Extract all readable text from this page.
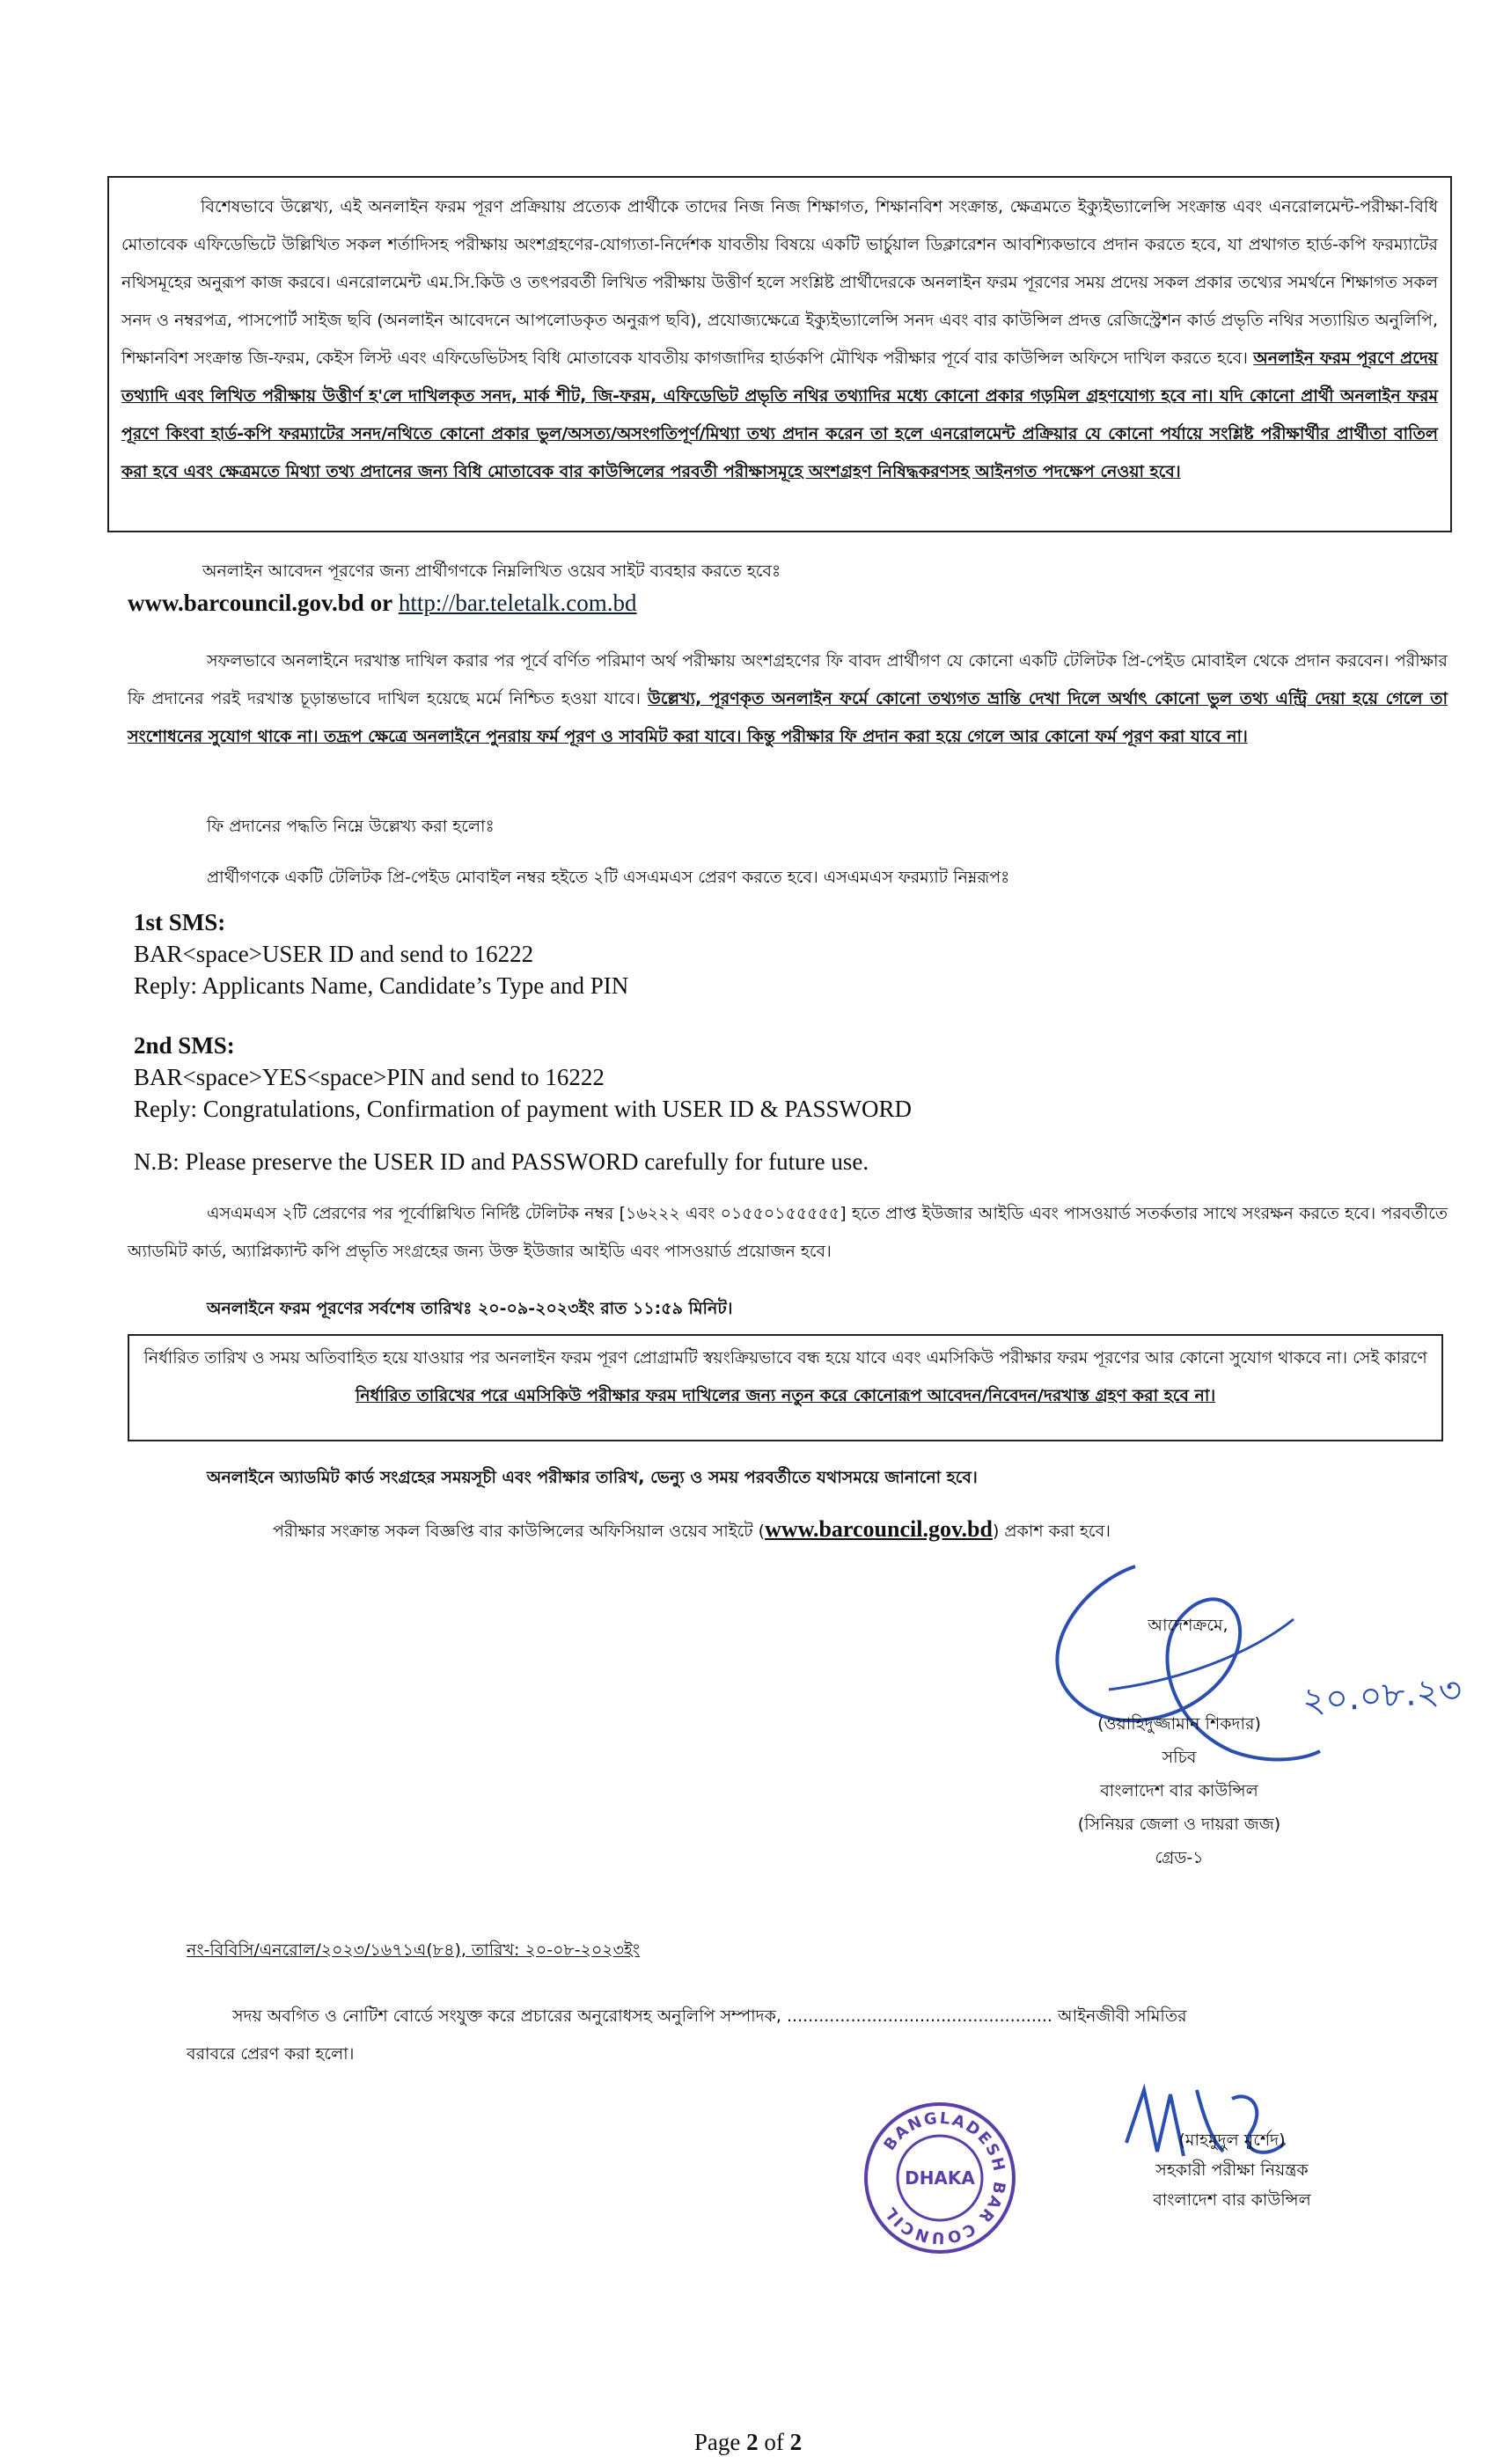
বিশেষভাবে উল্লেখ্য, এই অনলাইন ফরম পূরণ প্রক্রিয়ায় প্রত্যেক প্রার্থীকে তাদের নিজ নিজ শিক্ষাগত, শিক্ষানবিশ সংক্রান্ত, ক্ষেত্রমতে ইক্যুইভ্যালেন্সি সংক্রান্ত এবং এনরোলমেন্ট-পরীক্ষা-বিধি মোতাবেক এফিডেভিটে উল্লিখিত সকল শর্তাদিসহ পরীক্ষায় অংশগ্রহণের-যোগ্যতা-নির্দেশক যাবতীয় বিষয়ে একটি ভার্চুয়াল ডিক্লারেশন আবশ্যিকভাবে প্রদান করতে হবে, যা প্রথাগত হার্ড-কপি ফরম্যাটের নথিসমূহের অনুরূপ কাজ করবে। এনরোলমেন্ট এম.সি.কিউ ও তৎপরবর্তী লিখিত পরীক্ষায় উত্তীর্ণ হলে সংশ্লিষ্ট প্রার্থীদেরকে অনলাইন ফরম পূরণের সময় প্রদেয় সকল প্রকার তথ্যের সমর্থনে শিক্ষাগত সকল সনদ ও নম্বরপত্র, পাসপোর্ট সাইজ ছবি (অনলাইন আবেদনে আপলোডকৃত অনুরূপ ছবি), প্রযোজ্যক্ষেত্রে ইক্যুইভ্যালেন্সি সনদ এবং বার কাউন্সিল প্রদত্ত রেজিস্ট্রেশন কার্ড প্রভৃতি নথির সত্যায়িত অনুলিপি, শিক্ষানবিশ সংক্রান্ত জি-ফরম, কেইস লিস্ট এবং এফিডেভিটসহ বিধি মোতাবেক যাবতীয় কাগজাদির হার্ডকপি মৌখিক পরীক্ষার পূর্বে বার কাউন্সিল অফিসে দাখিল করতে হবে। অনলাইন ফরম পূরণে প্রদেয় তথ্যাদি এবং লিখিত পরীক্ষায় উত্তীর্ণ হ'লে দাখিলকৃত সনদ, মার্ক শীট, জি-ফরম, এফিডেভিট প্রভৃতি নথির তথ্যাদির মধ্যে কোনো প্রকার গড়মিল গ্রহণযোগ্য হবে না। যদি কোনো প্রার্থী অনলাইন ফরম পূরণে কিংবা হার্ড-কপি ফরম্যাটের সনদ/নথিতে কোনো প্রকার ভুল/অসত্য/অসংগতিপূর্ণ/মিথ্যা তথ্য প্রদান করেন তা হলে এনরোলমেন্ট প্রক্রিয়ার যে কোনো পর্যায়ে সংশ্লিষ্ট পরীক্ষার্থীর প্রার্থীতা বাতিল করা হবে এবং ক্ষেত্রমতে মিথ্যা তথ্য প্রদানের জন্য বিধি মোতাবেক বার কাউন্সিলের পরবর্তী পরীক্ষাসমূহে অংশগ্রহণ নিষিদ্ধকরণসহ আইনগত পদক্ষেপ নেওয়া হবে।

অনলাইন আবেদন পূরণের জন্য প্রার্থীগণকে নিম্নলিখিত ওয়েব সাইট ব্যবহার করতে হবেঃ

www.barcouncil.gov.bd or http://bar.teletalk.com.bd

সফলভাবে অনলাইনে দরখাস্ত দাখিল করার পর পূর্বে বর্ণিত পরিমাণ অর্থ পরীক্ষায় অংশগ্রহণের ফি বাবদ প্রার্থীগণ যে কোনো একটি টেলিটক প্রি-পেইড মোবাইল থেকে প্রদান করবেন। পরীক্ষার ফি প্রদানের পরই দরখাস্ত চূড়ান্তভাবে দাখিল হয়েছে মর্মে নিশ্চিত হওয়া যাবে। উল্লেখ্য, পূরণকৃত অনলাইন ফর্মে কোনো তথ্যগত ভ্রান্তি দেখা দিলে অর্থাৎ কোনো ভুল তথ্য এন্ট্রি দেয়া হয়ে গেলে তা সংশোধনের সুযোগ থাকে না। তদ্রূপ ক্ষেত্রে অনলাইনে পুনরায় ফর্ম পূরণ ও সাবমিট করা যাবে। কিন্তু পরীক্ষার ফি প্রদান করা হয়ে গেলে আর কোনো ফর্ম পূরণ করা যাবে না।

ফি প্রদানের পদ্ধতি নিম্নে উল্লেখ্য করা হলোঃ

প্রার্থীগণকে একটি টেলিটক প্রি-পেইড মোবাইল নম্বর হইতে ২টি এসএমএস প্রেরণ করতে হবে। এসএমএস ফরম্যাট নিম্নরূপঃ

1st SMS:
BAR<space>USER ID and send to 16222
Reply: Applicants Name, Candidate’s Type and PIN
2nd SMS:
BAR<space>YES<space>PIN and send to 16222
Reply: Congratulations, Confirmation of payment with USER ID & PASSWORD
N.B: Please preserve the USER ID and PASSWORD carefully for future use.

এসএমএস ২টি প্রেরণের পর পূর্বোল্লিখিত নির্দিষ্ট টেলিটক নম্বর [১৬২২২ এবং ০১৫৫০১৫৫৫৫৫] হতে প্রাপ্ত ইউজার আইডি এবং পাসওয়ার্ড সতর্কতার সাথে সংরক্ষন করতে হবে। পরবর্তীতে অ্যাডমিট কার্ড, অ্যাপ্লিক্যান্ট কপি প্রভৃতি সংগ্রহের জন্য উক্ত ইউজার আইডি এবং পাসওয়ার্ড প্রয়োজন হবে।

অনলাইনে ফরম পূরণের সর্বশেষ তারিখঃ ২০-০৯-২০২৩ইং রাত ১১:৫৯ মিনিট।

নির্ধারিত তারিখ ও সময় অতিবাহিত হয়ে যাওয়ার পর অনলাইন ফরম পূরণ প্রোগ্রামটি স্বয়ংক্রিয়ভাবে বন্ধ হয়ে যাবে এবং এমসিকিউ পরীক্ষার ফরম পূরণের আর কোনো সুযোগ থাকবে না। সেই কারণে নির্ধারিত তারিখের পরে এমসিকিউ পরীক্ষার ফরম দাখিলের জন্য নতুন করে কোনোরূপ আবেদন/নিবেদন/দরখাস্ত গ্রহণ করা হবে না।

অনলাইনে অ্যাডমিট কার্ড সংগ্রহের সময়সূচী এবং পরীক্ষার তারিখ, ভেন্যু ও সময় পরবর্তীতে যথাসময়ে জানানো হবে।

পরীক্ষার সংক্রান্ত সকল বিজ্ঞপ্তি বার কাউন্সিলের অফিসিয়াল ওয়েব সাইটে (www.barcouncil.gov.bd) প্রকাশ করা হবে।

২০.০৮.২৩
আদেশক্রমে,
(ওয়াহিদুজ্জামান শিকদার)
সচিব
বাংলাদেশ বার কাউন্সিল
(সিনিয়র জেলা ও দায়রা জজ)
গ্রেড-১
নং-বিবিসি/এনরোল/২০২৩/১৬৭১এ(৮৪), তারিখ: ২০-০৮-২০২৩ইং

সদয় অবগিত ও নোটিশ বোর্ডে সংযুক্ত করে প্রচারের অনুরোধসহ অনুলিপি সম্পাদক, .................................................. আইনজীবী সমিতির

বরাবরে প্রেরণ করা হলো।

BANGLADESH BAR COUNCIL
DHAKA
(মাহমুদুল মুর্শেদ)
সহকারী পরীক্ষা নিয়ন্ত্রক
বাংলাদেশ বার কাউন্সিল
Page 2 of 2
